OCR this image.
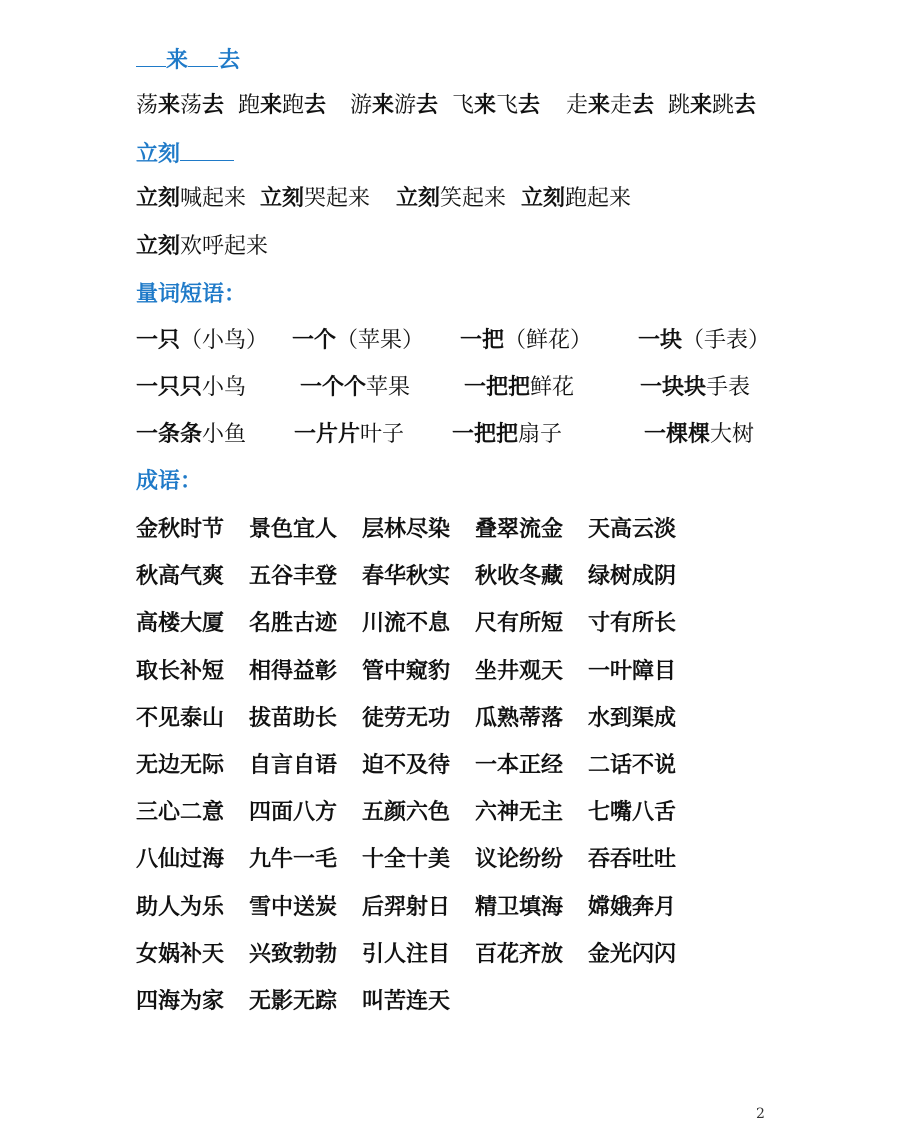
来 去
荡来荡去 跑来跑去 游来游去 飞来飞去 走来走去 跳来跳去
立刻
立刻喊起来 立刻哭起来 立刻笑起来 立刻跑起来
立刻欢呼起来
量词短语：
一只（小鸟） 一个（苹果） 一把（鲜花） 一块（手表）
一只只小鸟 一个个苹果 一把把鲜花	一块块手表
一条条小鱼 一片片叶子 一把把扇子	一棵棵大树
成语：
金秋时节 景色宜人 层林尽染 叠翠流金 天高云淡
秋高气爽 五谷丰登 春华秋实 秋收冬藏 绿树成阴
高楼大厦 名胜古迹 川流不息 尺有所短 寸有所长
取长补短 相得益彰 管中窥豹 坐井观天 一叶障目
不见泰山 拔苗助长 徒劳无功 瓜熟蒂落 水到渠成
无边无际 自言自语 迫不及待 一本正经 二话不说
三心二意 四面八方 五颜六色 六神无主 七嘴八舌
八仙过海 九牛一毛 十全十美 议论纷纷 吞吞吐吐
助人为乐 雪中送炭 后羿射日 精卫填海 嫦娥奔月
女娲补天 兴致勃勃 引人注目 百花齐放 金光闪闪
四海为家 无影无踪 叫苦连天
2
